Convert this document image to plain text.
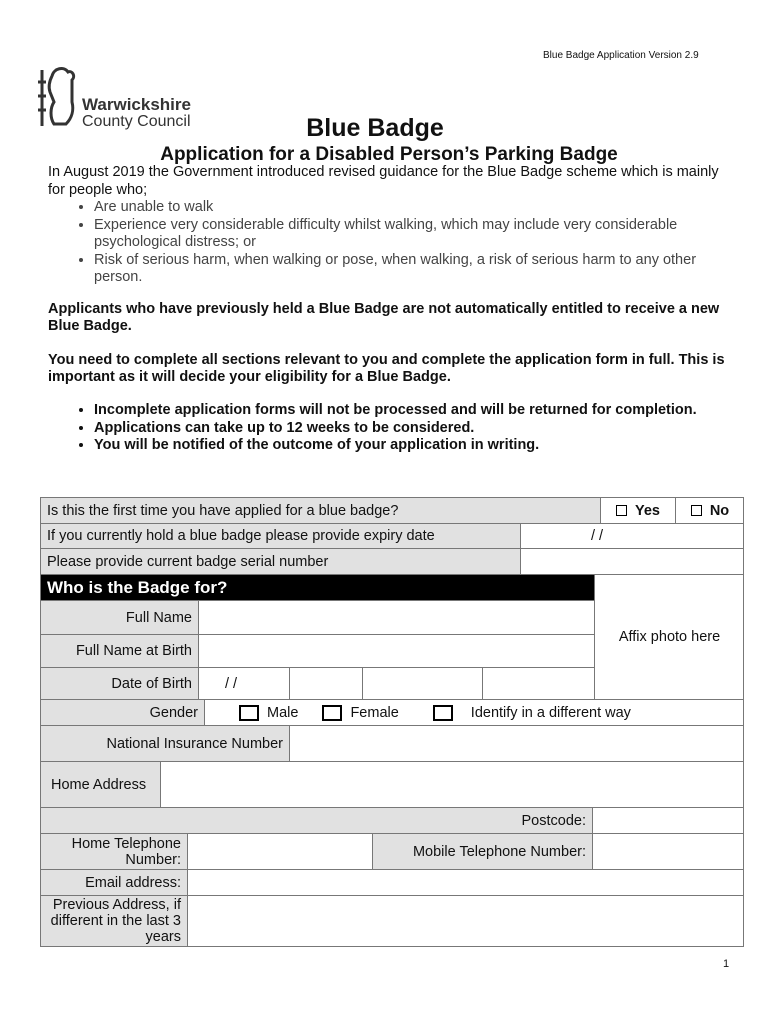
Blue Badge Application Version 2.9
Warwickshire
County Council	Blue Badge
Application for a Disabled Person’s Parking Badge
In August 2019 the Government introduced revised guidance for the Blue Badge scheme which is mainly for people who;
• Are unable to walk
• Experience very considerable difficulty whilst walking, which may include very considerable psychological distress; or
• Risk of serious harm, when walking or pose, when walking, a risk of serious harm to any other person.
Applicants who have previously held a Blue Badge are not automatically entitled to receive a new Blue Badge.
You need to complete all sections relevant to you and complete the application form in full. This is important as it will decide your eligibility for a Blue Badge.
• Incomplete application forms will not be processed and will be returned for completion.
• Applications can take up to 12 weeks to be considered.
• You will be notified of the outcome of your application in writing.
Is this the first time you have applied for a blue badge?	Yes	No
If you currently hold a blue badge please provide expiry date	/ /
Please provide current badge serial number
Who is the Badge for?
Affix photo here
Full Name
Full Name at Birth
Date of Birth	/ /
Gender	Male	Female	Identify in a different way
National Insurance Number
Home Address
Postcode:
Home Telephone Number:	Mobile Telephone Number:
Email address:
Previous Address, if different in the last 3 years
1
